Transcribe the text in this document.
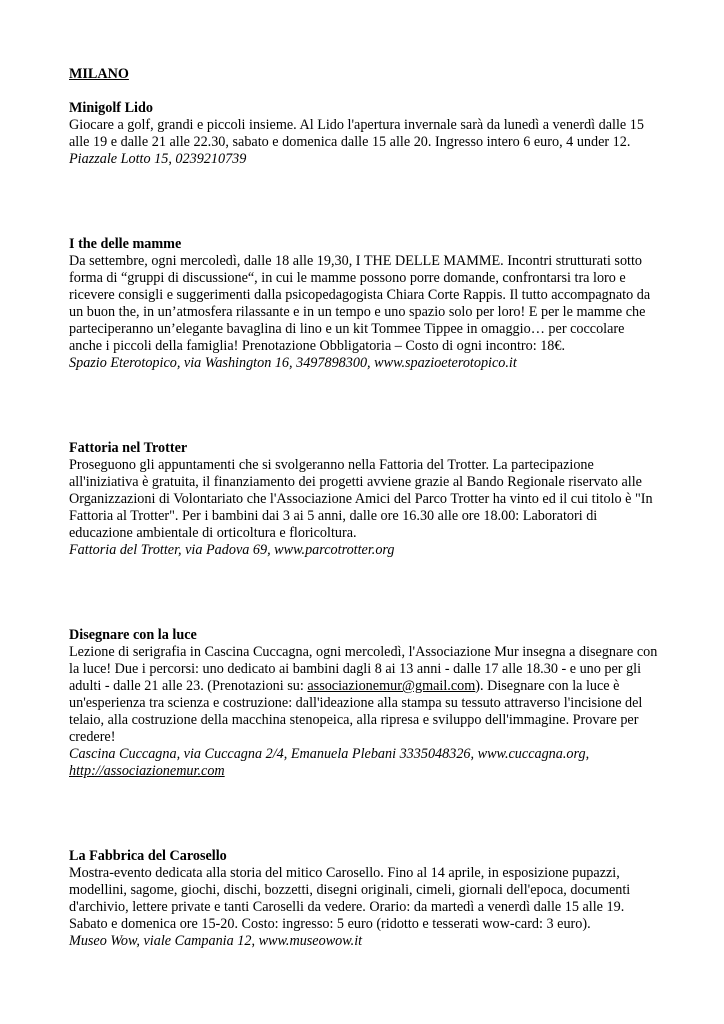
MILANO

Minigolf Lido

Giocare a golf, grandi e piccoli insieme. Al Lido l'apertura invernale sarà da lunedì a venerdì dalle 15 alle 19 e dalle 21 alle 22.30, sabato e domenica dalle 15 alle 20. Ingresso intero 6 euro, 4 under 12.

Piazzale Lotto 15, 0239210739

I the delle mamme

Da settembre, ogni mercoledì, dalle 18 alle 19,30, I THE DELLE MAMME. Incontri strutturati sotto forma di “gruppi di discussione“, in cui le mamme possono porre domande, confrontarsi tra loro e ricevere consigli e suggerimenti dalla psicopedagogista Chiara Corte Rappis. Il tutto accompagnato da un buon the, in un’atmosfera rilassante e in un tempo e uno spazio solo per loro! E per le mamme che parteciperanno un’elegante bavaglina di lino e un kit Tommee Tippee in omaggio… per coccolare anche i piccoli della famiglia! Prenotazione Obbligatoria – Costo di ogni incontro: 18€.

Spazio Eterotopico, via Washington 16, 3497898300, www.spazioeterotopico.it

Fattoria nel Trotter

Proseguono gli appuntamenti che si svolgeranno nella Fattoria del Trotter. La partecipazione all'iniziativa è gratuita, il finanziamento dei progetti avviene grazie al Bando Regionale riservato alle Organizzazioni di Volontariato che l'Associazione Amici del Parco Trotter ha vinto ed il cui titolo è "In Fattoria al Trotter". Per i bambini dai 3 ai 5 anni, dalle ore 16.30 alle ore 18.00: Laboratori di educazione ambientale di orticoltura e floricoltura.

Fattoria del Trotter, via Padova 69, www.parcotrotter.org

Disegnare con la luce

Lezione di serigrafia in Cascina Cuccagna, ogni mercoledì, l'Associazione Mur insegna a disegnare con la luce! Due i percorsi: uno dedicato ai bambini dagli 8 ai 13 anni - dalle 17 alle 18.30 - e uno per gli adulti - dalle 21 alle 23. (Prenotazioni su: associazionemur@gmail.com). Disegnare con la luce è un'esperienza tra scienza e costruzione: dall'ideazione alla stampa su tessuto attraverso l'incisione del telaio, alla costruzione della macchina stenopeica, alla ripresa e sviluppo dell'immagine. Provare per credere!

Cascina Cuccagna, via Cuccagna 2/4, Emanuela Plebani 3335048326, www.cuccagna.org, http://associazionemur.com

La Fabbrica del Carosello

Mostra-evento dedicata alla storia del mitico Carosello. Fino al 14 aprile, in esposizione pupazzi, modellini, sagome, giochi, dischi, bozzetti, disegni originali, cimeli, giornali dell'epoca, documenti d'archivio, lettere private e tanti Caroselli da vedere. Orario: da martedì a venerdì dalle 15 alle 19. Sabato e domenica ore 15-20. Costo: ingresso: 5 euro (ridotto e tesserati wow-card: 3 euro).

Museo Wow, viale Campania 12, www.museowow.it
